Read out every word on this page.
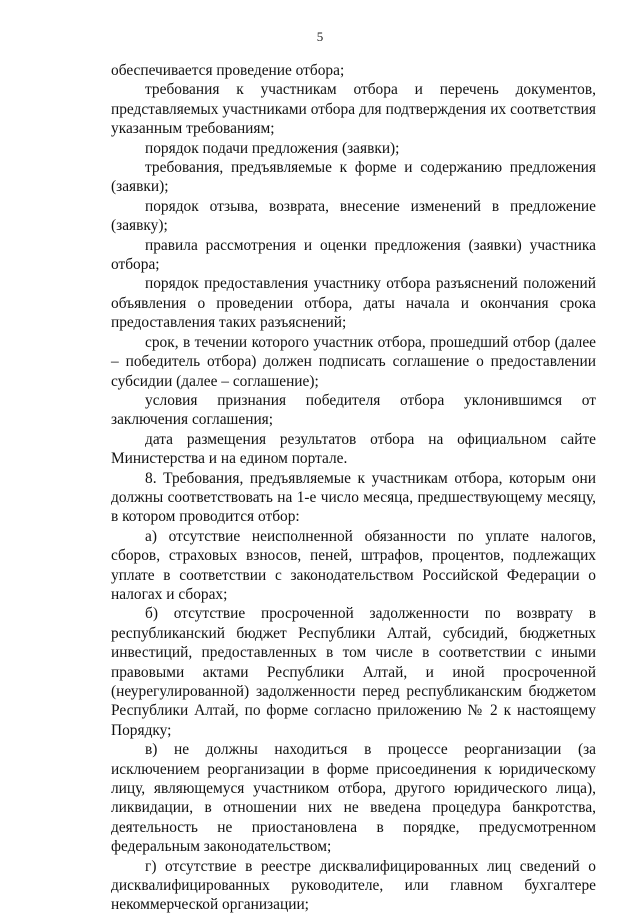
5

обеспечивается проведение отбора;

требования к участникам отбора и перечень документов, представляемых участниками отбора для подтверждения их соответствия указанным требованиям;

порядок подачи предложения (заявки);

требования, предъявляемые к форме и содержанию предложения (заявки);

порядок отзыва, возврата, внесение изменений в предложение (заявку);

правила рассмотрения и оценки предложения (заявки) участника отбора;

порядок предоставления участнику отбора разъяснений положений объявления о проведении отбора, даты начала и окончания срока предоставления таких разъяснений;

срок, в течении которого участник отбора, прошедший отбор (далее – победитель отбора) должен подписать соглашение о предоставлении субсидии (далее – соглашение);

условия признания победителя отбора уклонившимся от заключения соглашения;

дата размещения результатов отбора на официальном сайте Министерства и на едином портале.

8. Требования, предъявляемые к участникам отбора, которым они должны соответствовать на 1-е число месяца, предшествующему месяцу, в котором проводится отбор:

а) отсутствие неисполненной обязанности по уплате налогов, сборов, страховых взносов, пеней, штрафов, процентов, подлежащих уплате в соответствии с законодательством Российской Федерации о налогах и сборах;

б) отсутствие просроченной задолженности по возврату в республиканский бюджет Республики Алтай, субсидий, бюджетных инвестиций, предоставленных в том числе в соответствии с иными правовыми актами Республики Алтай, и иной просроченной (неурегулированной) задолженности перед республиканским бюджетом Республики Алтай, по форме согласно приложению № 2 к настоящему Порядку;

в) не должны находиться в процессе реорганизации (за исключением реорганизации в форме присоединения к юридическому лицу, являющемуся участником отбора, другого юридического лица), ликвидации, в отношении них не введена процедура банкротства, деятельность не приостановлена в порядке, предусмотренном федеральным законодательством;

г) отсутствие в реестре дисквалифицированных лиц сведений о дисквалифицированных руководителе, или главном бухгалтере некоммерческой организации;
